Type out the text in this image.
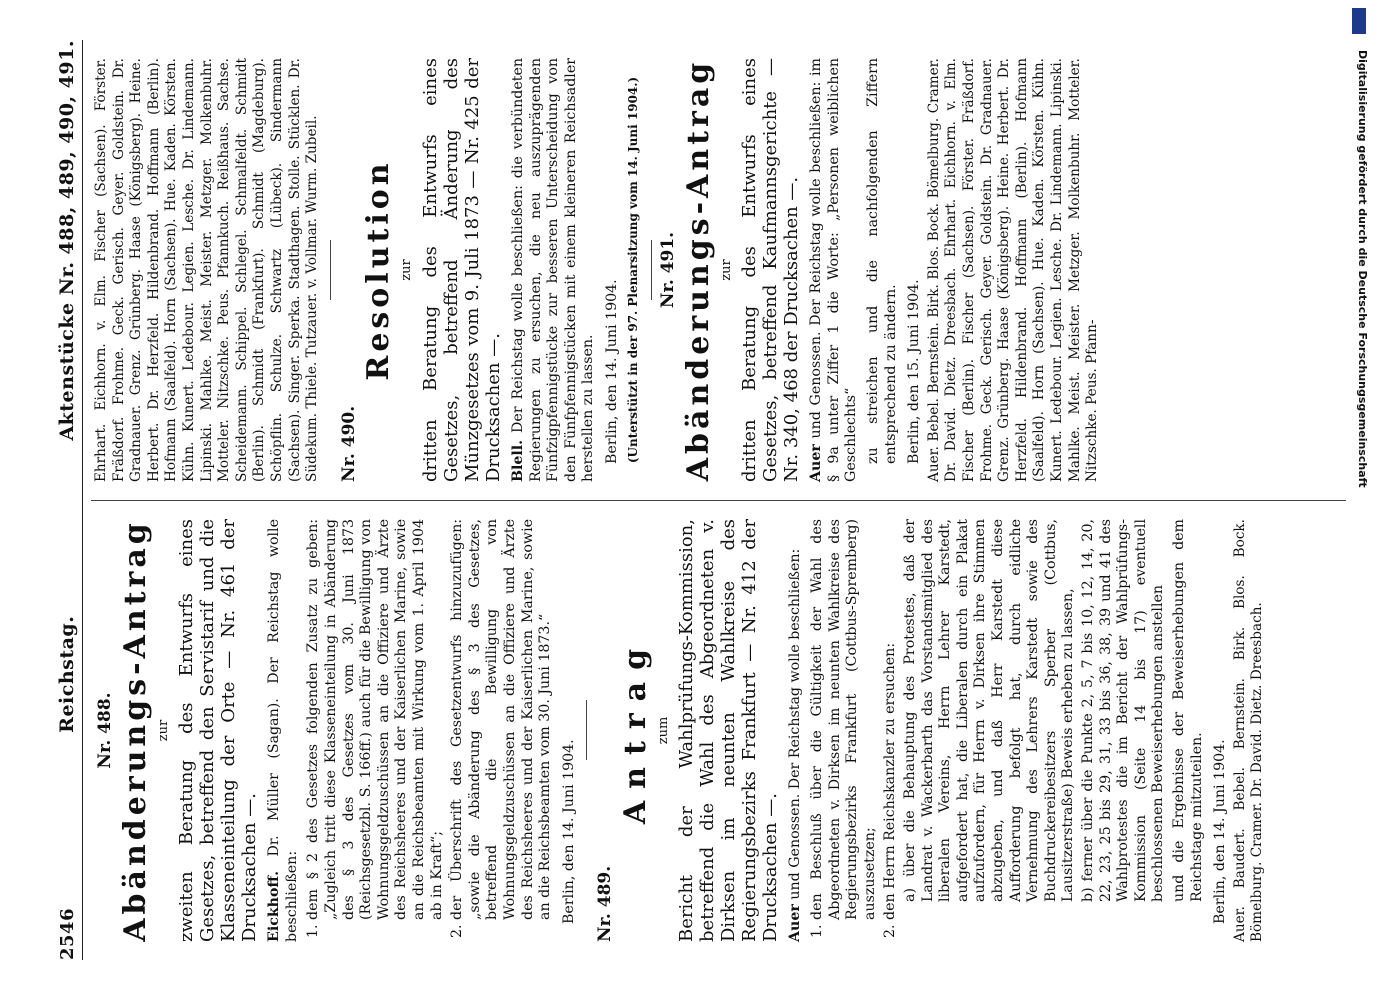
2546
Reichstag.
Aktenstücke Nr. 488, 489, 490, 491.
Nr. 488. Abänderungs-Antrag zur zweiten Beratung des Entwurfs eines Gesetzes, betreffend den Servistarif und die Klasseneinteilung der Orte — Nr. 461 der Drucksachen —. Eickhoff. Dr. Müller (Sagan). Der Reichstag wolle beschließen: 1. dem § 2 des Gesetzes folgenden Zusatz zu geben: „Zugleich tritt diese Klasseneinteilung in Abänderung des § 3 des Gesetzes vom 30. Juni 1873 (Reichsgesetzbl. S. 166ff.) auch für die Bewilligung von Wohnungsgeldzuschüssen an die Offiziere und Ärzte des Reichsheeres und der Kaiserlichen Marine, sowie an die Reichsbeamten mit Wirkung vom 1. April 1904 ab in Kraft“; 2. der Überschrift des Gesetzentwurfs hinzuzufügen: „sowie die Abänderung des § 3 des Gesetzes, betreffend die Bewilligung von Wohnungsgeldzuschüssen an die Offiziere und Ärzte des Reichsheeres und der Kaiserlichen Marine, sowie an die Reichsbeamten vom 30. Juni 1873.“ Berlin, den 14. Juni 1904. Nr. 489.
Antrag zum Bericht der Wahlprüfungs-Kommission, betreffend die Wahl des Abgeordneten v. Dirksen im neunten Wahlkreise des Regierungsbezirks Frankfurt — Nr. 412 der Drucksachen —. Auer und Genossen. Der Reichstag wolle beschließen: 1. den Beschluß über die Gültigkeit der Wahl des Abgeordneten v. Dirksen im neunten Wahlkreise des Regierungsbezirks Frankfurt (Cottbus-Spremberg) auszusetzen; 2. den Herrn Reichskanzler zu ersuchen: a) über die Behauptung des Protestes, daß der Landrat v. Wackerbarth das Vorstandsmitglied des liberalen Vereins, Herrn Lehrer Karstedt, aufgefordert hat, die Liberalen durch ein Plakat aufzufordern, für Herrn v. Dirksen ihre Stimmen abzugeben, und daß Herr Karstedt diese Aufforderung befolgt hat, durch eidliche Vernehmung des Lehrers Karstedt sowie des Buchdruckereibesitzers Sperber (Cottbus, Lausitzerstraße) Beweis erheben zu lassen, b) ferner über die Punkte 2, 5, 7 bis 10, 12, 14, 20, 22, 23, 25 bis 29, 31, 33 bis 36, 38, 39 und 41 des Wahlprotestes die im Bericht der Wahlprüfungs-Kommission (Seite 14 bis 17) eventuell beschlossenen Beweiserhebungen anstellen und die Ergebnisse der Beweiserhebungen dem Reichstage mitzuteilen. Berlin, den 14. Juni 1904. Auer. Baudert. Bebel. Bernstein. Birk. Blos. Bock. Bömelburg. Cramer. Dr. David. Dietz. Dreesbach.
Ehrhart. Eichhorn. v. Elm. Fischer (Sachsen). Förster. Fräßdorf. Frohme. Geck. Gerisch. Geyer. Goldstein. Dr. Gradnauer. Grenz. Grünberg. Haase (Königsberg). Heine. Herbert. Dr. Herzfeld. Hildenbrand. Hoffmann (Berlin). Hofmann (Saalfeld). Horn (Sachsen). Hue. Kaden. Körsten. Kühn. Kunert. Ledebour. Legien. Lesche. Dr. Lindemann. Lipinski. Mahlke. Meist. Meister. Metzger. Molkenbuhr. Motteler. Nitzschke. Peus. Pfannkuch. Reißhaus. Sachse. Scheidemann. Schippel. Schlegel. Schmalfeldt. Schmidt (Berlin). Schmidt (Frankfurt). Schmidt (Magdeburg). Schöpflin. Schulze. Schwartz (Lübeck). Sindermann (Sachsen). Singer. Sperka. Stadthagen. Stolle. Stücklen. Dr. Südekum. Thiele. Tutzauer. v. Vollmar. Wurm. Zubeil. Nr. 490.
Resolution zur dritten Beratung des Entwurfs eines Gesetzes, betreffend Änderung des Münzgesetzes vom 9. Juli 1873 — Nr. 425 der Drucksachen —. Blell. Der Reichstag wolle beschließen: die verbündeten Regierungen zu ersuchen, die neu auszuprägenden Fünfzigpfennigstücke zur besseren Unterscheidung von den Fünfpfennigstücken mit einem kleineren Reichsadler herstellen zu lassen. Berlin, den 14. Juni 1904. (Unterstützt in der 97. Plenarsitzung vom 14. Juni 1904.) Nr. 491. Abänderungs-Antrag zur dritten Beratung des Entwurfs eines Gesetzes, betreffend Kaufmannsgerichte — Nr. 340, 468 der Drucksachen —. Auer und Genossen. Der Reichstag wolle beschließen: im § 9a unter Ziffer 1 die Worte: „Personen weiblichen Geschlechts“ zu streichen und die nachfolgenden Ziffern entsprechend zu ändern. Berlin, den 15. Juni 1904. Auer. Bebel. Bernstein. Birk. Blos. Bock. Bömelburg. Cramer. Dr. David. Dietz. Dreesbach. Ehrhart. Eichhorn. v. Elm. Fischer (Berlin). Fischer (Sachsen). Förster. Fräßdorf. Frohme. Geck. Gerisch. Geyer. Goldstein. Dr. Gradnauer. Grenz. Grünberg. Haase (Königsberg). Heine. Herbert. Dr. Herzfeld. Hildenbrand. Hoffmann (Berlin). Hofmann (Saalfeld). Horn (Sachsen). Hue. Kaden. Körsten. Kühn. Kunert. Ledebour. Legien. Lesche. Dr. Lindemann. Lipinski. Mahlke. Meist. Meister. Metzger. Molkenbuhr. Motteler. Nitzschke. Peus. Pfann-	Digitalisierung gefördert durch die Deutsche Forschungsgemeinschaft
